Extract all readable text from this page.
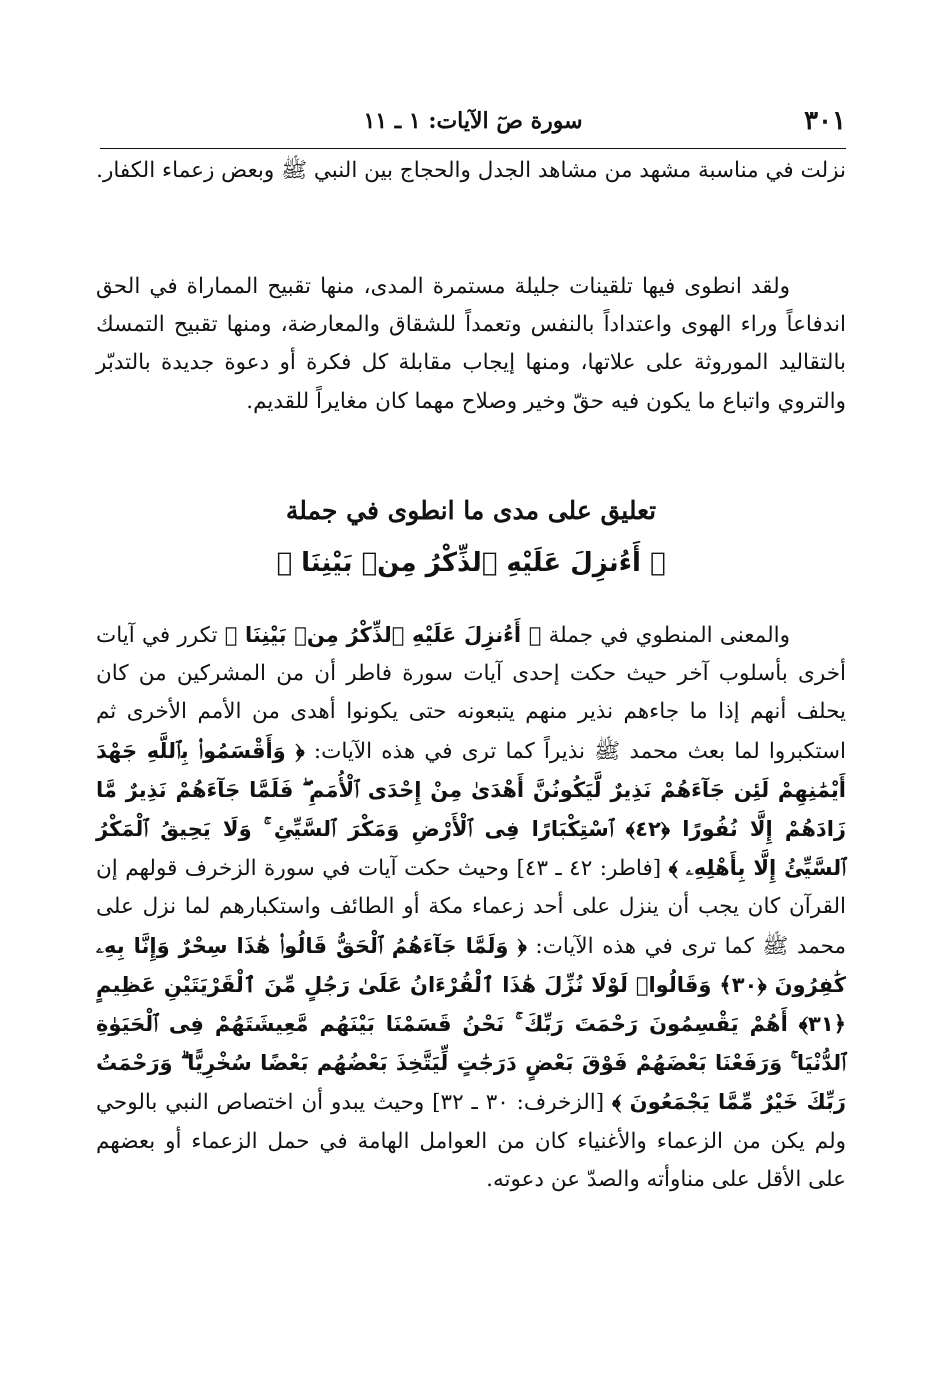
٣٠١
سورة صٓ الآيات: ١ ـ ١١

نزلت في مناسبة مشهد من مشاهد الجدل والحجاج بين النبي ﷺ وبعض زعماء الكفار.

ولقد انطوى فيها تلقينات جليلة مستمرة المدى، منها تقبيح المماراة في الحق اندفاعاً وراء الهوى واعتداداً بالنفس وتعمداً للشقاق والمعارضة، ومنها تقبيح التمسك بالتقاليد الموروثة على علاتها، ومنها إيجاب مقابلة كل فكرة أو دعوة جديدة بالتدبّر والتروي واتباع ما يكون فيه حقّ وخير وصلاح مهما كان مغايراً للقديم.

تعليق على مدى ما انطوى في جملة
﴿ أَءُنزِلَ عَلَيْهِ ٱلذِّكْرُ مِنۢ بَيْنِنَا ﴾

والمعنى المنطوي في جملة ﴿ أَءُنزِلَ عَلَيْهِ ٱلذِّكْرُ مِنۢ بَيْنِنَا ﴾ تكرر في آيات أخرى بأسلوب آخر حيث حكت إحدى آيات سورة فاطر أن من المشركين من كان يحلف أنهم إذا ما جاءهم نذير منهم يتبعونه حتى يكونوا أهدى من الأمم الأخرى ثم استكبروا لما بعث محمد ﷺ نذيراً كما ترى في هذه الآيات: ﴿ وَأَقْسَمُوا۟ بِٱللَّهِ جَهْدَ أَيْمَٰنِهِمْ لَئِن جَآءَهُمْ نَذِيرٌ لَّيَكُونُنَّ أَهْدَىٰ مِنْ إِحْدَى ٱلْأُمَمِ ۖ فَلَمَّا جَآءَهُمْ نَذِيرٌ مَّا زَادَهُمْ إِلَّا نُفُورًا ﴿٤٢﴾ ٱسْتِكْبَارًا فِى ٱلْأَرْضِ وَمَكْرَ ٱلسَّيِّئِ ۚ وَلَا يَحِيقُ ٱلْمَكْرُ ٱلسَّيِّئُ إِلَّا بِأَهْلِهِۦ ﴾ [فاطر: ٤٢ ـ ٤٣] وحيث حكت آيات في سورة الزخرف قولهم إن القرآن كان يجب أن ينزل على أحد زعماء مكة أو الطائف واستكبارهم لما نزل على محمد ﷺ كما ترى في هذه الآيات: ﴿ وَلَمَّا جَآءَهُمُ ٱلْحَقُّ قَالُوا۟ هَٰذَا سِحْرٌ وَإِنَّا بِهِۦ كَٰفِرُونَ ﴿٣٠﴾ وَقَالُوا۟ لَوْلَا نُزِّلَ هَٰذَا ٱلْقُرْءَانُ عَلَىٰ رَجُلٍ مِّنَ ٱلْقَرْيَتَيْنِ عَظِيمٍ ﴿٣١﴾ أَهُمْ يَقْسِمُونَ رَحْمَتَ رَبِّكَ ۚ نَحْنُ قَسَمْنَا بَيْنَهُم مَّعِيشَتَهُمْ فِى ٱلْحَيَوٰةِ ٱلدُّنْيَا ۚ وَرَفَعْنَا بَعْضَهُمْ فَوْقَ بَعْضٍ دَرَجَٰتٍ لِّيَتَّخِذَ بَعْضُهُم بَعْضًا سُخْرِيًّا ۗ وَرَحْمَتُ رَبِّكَ خَيْرٌ مِّمَّا يَجْمَعُونَ ﴾ [الزخرف: ٣٠ ـ ٣٢] وحيث يبدو أن اختصاص النبي بالوحي ولم يكن من الزعماء والأغنياء كان من العوامل الهامة في حمل الزعماء أو بعضهم على الأقل على مناوأته والصدّ عن دعوته.
